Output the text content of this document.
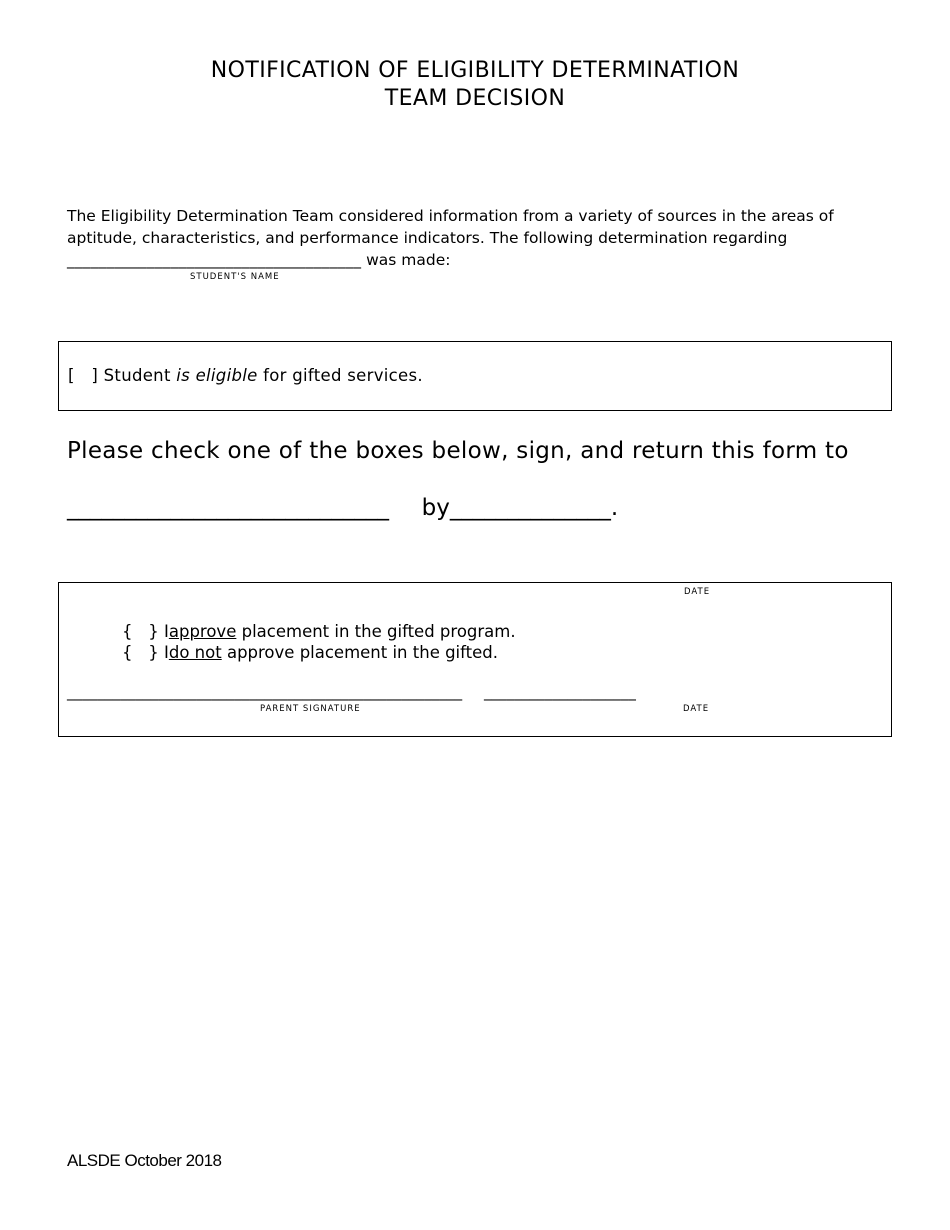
NOTIFICATION OF ELIGIBILITY DETERMINATION
TEAM DECISION
The Eligibility Determination Team considered information from a variety of sources in the areas of aptitude, characteristics, and performance indicators. The following determination regarding
_____________________________________ was made:
STUDENT'S NAME
[   ] Student is eligible for gifted services.
Please check one of the boxes below, sign, and return this form to
____________________________ by______________.
DATE
{   } Iapprove placement in the gifted program.
{   } Ido not approve placement in the gifted.
____________________________________________________ ____________________
PARENT SIGNATURE	DATE
ALSDE October 2018
